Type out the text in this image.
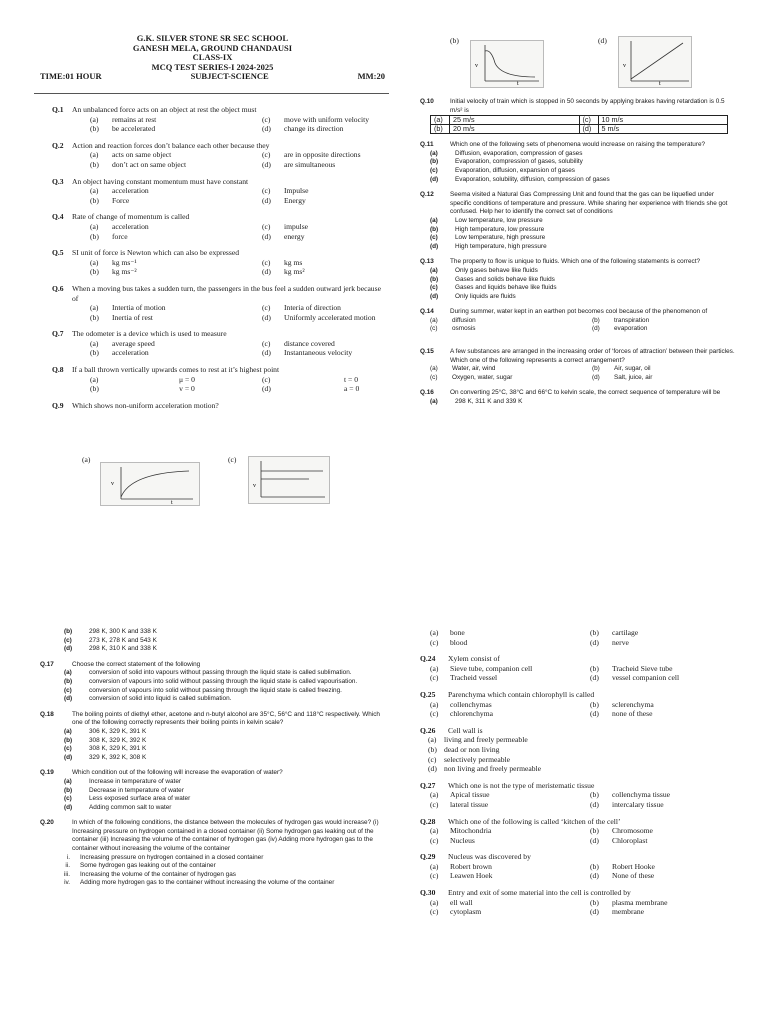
G.K. SILVER STONE SR SEC SCHOOL
GANESH MELA, GROUND CHANDAUSI
CLASS-IX
MCQ TEST SERIES-I 2024-2025
TIME:01 HOUR	SUBJECT-SCIENCE	MM:20
Q.1	An unbalanced force acts on an object at rest the object must
(a)	remains at rest	(c)	move with uniform velocity
(b)	be accelerated	(d)	change its direction
Q.2	Action and reaction forces don’t balance each other because they
(a)	acts on same object	(c)	are in opposite directions
(b)	don’t act on same object	(d)	are simultaneous
Q.3	An object having constant momentum must have constant
(a)	acceleration	(c)	Impulse
(b)	Force	(d)	Energy
Q.4	Rate of change of momentum is called
(a)	acceleration	(c)	impulse
(b)	force	(d)	energy
Q.5	SI unit of force is Newton which can also be expressed
(a)	kg ms⁻¹	(c)	kg ms
(b)	kg ms⁻²	(d)	kg ms²
Q.6	When a moving bus takes a sudden turn, the passengers in the bus feel a sudden outward jerk because of
(a)	Intertia of motion	(c)	Interia of direction
(b)	Inertia of rest	(d)	Uniformly accelerated motion
Q.7	The odometer is a device which is used to measure
(a)	average speed	(c)	distance covered
(b)	acceleration	(d)	Instantaneous velocity
Q.8	If a ball thrown vertically upwards comes to rest at it’s highest point
(a)	μ = 0	(c)	t = 0
(b)	v = 0	(d)	a = 0
Q.9	Which shows non-uniform acceleration motion?
(a)	(c)
v
t
v
(b)	(d)
v
t
v
t
Q.10	Initial velocity of train which is stopped in 50 seconds by applying brakes having retardation is 0.5 m/s² is
(a)	25 m/s	(c)	10 m/s
(b)	20 m/s	(d)	5 m/s
Q.11	Which one of the following sets of phenomena would increase on raising the temperature?
(a)	Diffusion, evaporation, compression of gases
(b)	Evaporation, compression of gases, solubility
(c)	Evaporation, diffusion, expansion of gases
(d)	Evaporation, solubility, diffusion, compression of gases
Q.12	Seema visited a Natural Gas Compressing Unit and found that the gas can be liquefied under specific conditions of temperature and pressure. While sharing her experience with friends she got confused. Help her to identify the correct set of conditions
(a)	Low temperature, low pressure
(b)	High temperature, low pressure
(c)	Low temperature, high pressure
(d)	High temperature, high pressure
Q.13	The property to flow is unique to fluids. Which one of the following statements is correct?
(a)	Only gases behave like fluids
(b)	Gases and solids behave like fluids
(c)	Gases and liquids behave like fluids
(d)	Only liquids are fluids
Q.14	During summer, water kept in an earthen pot becomes cool because of the phenomenon of
(a)	diffusion	(b)	transpiration
(c)	osmosis	(d)	evaporation
Q.15	A few substances are arranged in the increasing order of ‘forces of attraction’ between their particles. Which one of the following represents a correct arrangement?
(a)	Water, air, wind	(b)	Air, sugar, oil
(c)	Oxygen, water, sugar	(d)	Salt, juice, air
Q.16	On converting 25°C, 38°C and 66°C to kelvin scale, the correct sequence of temperature will be
(a)	298 K, 311 K and 339 K
(b)	298 K, 300 K and 338 K
(c)	273 K, 278 K and 543 K
(d)	298 K, 310 K and 338 K
Q.17	Choose the correct statement of the following
(a)	conversion of solid into vapours without passing through the liquid state is called sublimation.
(b)	conversion of vapours into solid without passing through the liquid state is called vapourisation.
(c)	conversion of vapours into solid without passing through the liquid state is called freezing.
(d)	conversion of solid into liquid is called sublimation.
Q.18	The boiling points of diethyl ether, acetone and n-butyl alcohol are 35°C, 56°C and 118°C respectively. Which one of the following correctly represents their boiling points in kelvin scale?
(a)	306 K, 329 K, 391 K
(b)	308 K, 329 K, 392 K
(c)	308 K, 329 K, 391 K
(d)	329 K, 392 K, 308 K
Q.19	Which condition out of the following will increase the evaporation of water?
(a)	Increase in temperature of water
(b)	Decrease in temperature of water
(c)	Less exposed surface area of water
(d)	Adding common salt to water
Q.20	In which of the following conditions, the distance between the molecules of hydrogen gas would increase? (i) Increasing pressure on hydrogen contained in a closed container (ii) Some hydrogen gas leaking out of the container (iii) Increasing the volume of the container of hydrogen gas (iv) Adding more hydrogen gas to the container without increasing the volume of the container
i.	Increasing pressure on hydrogen contained in a closed container
ii.	Some hydrogen gas leaking out of the container
iii.	Increasing the volume of the container of hydrogen gas
iv.	Adding more hydrogen gas to the container without increasing the volume of the container
(a)	bone	(b)	cartilage
(c)	blood	(d)	nerve
Q.24	Xylem consist of
(a)	Sieve tube, companion cell	(b)	Tracheid Sieve tube
(c)	Tracheid vessel	(d)	vessel companion cell
Q.25	Parenchyma which contain chlorophyll is called
(a)	collenchymas	(b)	sclerenchyma
(c)	chlorenchyma	(d)	none of these
Q.26	Cell wall is
(a) living and freely permeable
(b) dead or non living
(c) selectively permeable
(d) non living and freely permeable
Q.27	Which one is not the type of meristematic tissue
(a)	Apical tissue	(b)	collenchyma tissue
(c)	lateral tissue	(d)	intercalary tissue
Q.28	Which one of the following is called ‘kitchen of the cell’
(a)	Mitochondria	(b)	Chromosome
(c)	Nucleus	(d)	Chloroplast
Q.29	Nucleus was discovered by
(a)	Robert brown	(b)	Robert Hooke
(c)	Leawen Hoek	(d)	None of these
Q.30	Entry and exit of some material into the cell is controlled by
(a)	ell wall	(b)	plasma membrane
(c)	cytoplasm	(d)	membrane
